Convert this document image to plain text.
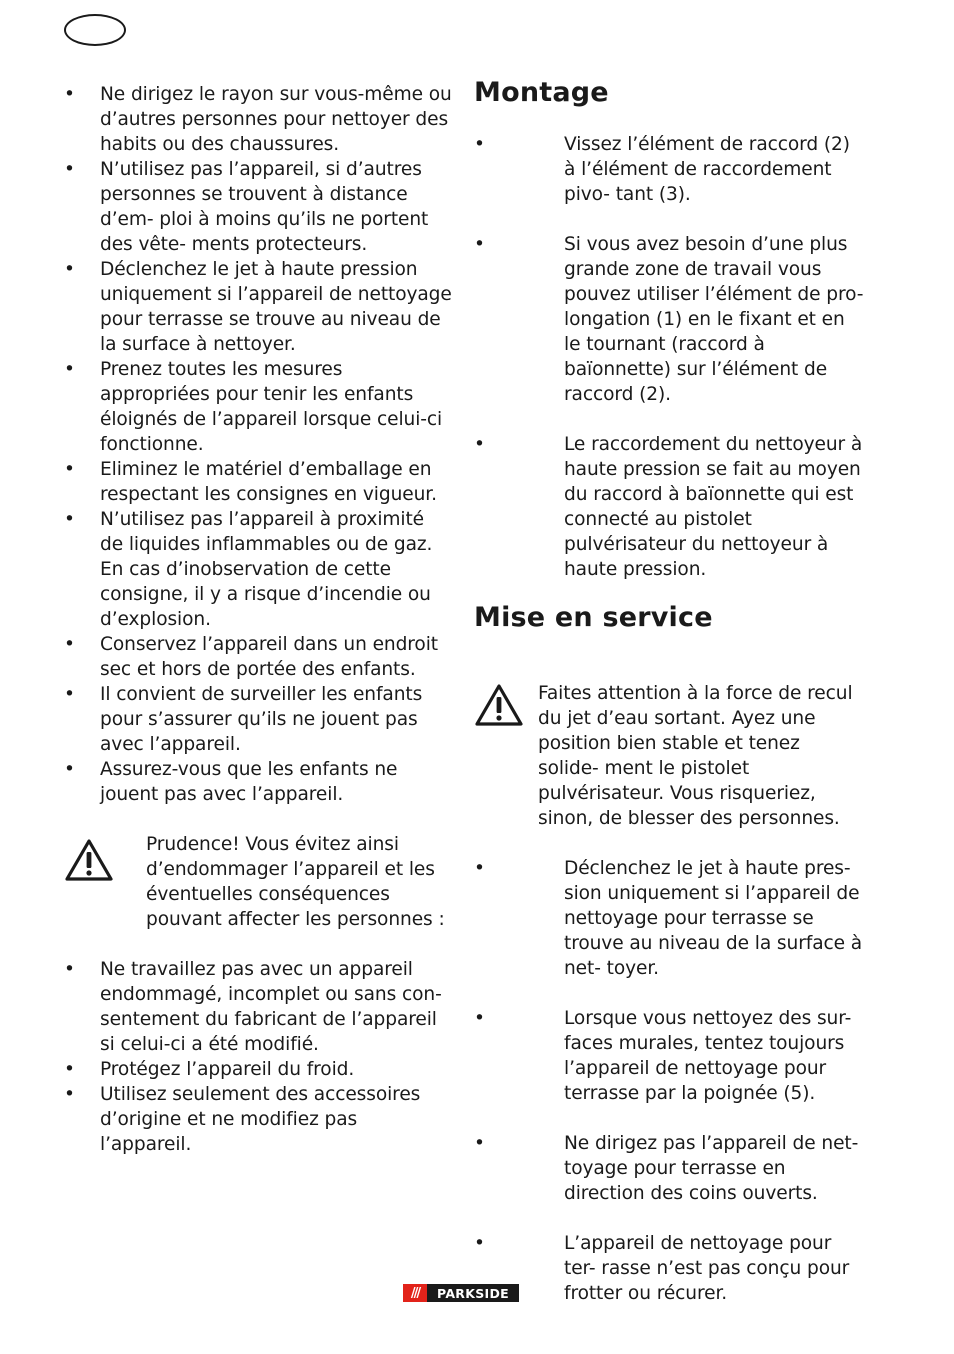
• Ne dirigez le rayon sur vous-même ou d’autres personnes pour nettoyer des habits ou des chaussures.
• N’utilisez pas l’appareil, si d’autres personnes se trouvent à distance d’em- ploi à moins qu’ils ne portent des vête- ments protecteurs.
• Déclenchez le jet à haute pression uniquement si l’appareil de nettoyage pour terrasse se trouve au niveau de la surface à nettoyer.
• Prenez toutes les mesures appropriées pour tenir les enfants éloignés de l’appareil lorsque celui-ci fonctionne.
• Eliminez le matériel d’emballage en respectant les consignes en vigueur.
• N’utilisez pas l’appareil à proximité de liquides inflammables ou de gaz. En cas d’inobservation de cette consigne, il y a risque d’incendie ou d’explosion.
• Conservez l’appareil dans un endroit sec et hors de portée des enfants.
• Il convient de surveiller les enfants pour s’assurer qu’ils ne jouent pas avec l’appareil.
• Assurez-vous que les enfants ne jouent pas avec l’appareil.

Prudence! Vous évitez ainsi d’endommager l’appareil et les éventuelles conséquences pouvant affecter les personnes :

• Ne travaillez pas avec un appareil endommagé, incomplet ou sans con- sentement du fabricant de l’appareil si celui-ci a été modifié.
• Protégez l’appareil du froid.
• Utilisez seulement des accessoires d’origine et ne modifiez pas l’appareil.
Montage
•	Vissez l’élément de raccord (2) à l’élément de raccordement pivo- tant (3).
•	Si vous avez besoin d’une plus grande zone de travail vous pouvez utiliser l’élément de pro- longation (1) en le fixant et en le tournant (raccord à baïonnette) sur l’élément de raccord (2).
•	Le raccordement du nettoyeur à haute pression se fait au moyen du raccord à baïonnette qui est connecté au pistolet pulvérisateur du nettoyeur à haute pression.
Mise en service

Faites attention à la force de recul du jet d’eau sortant. Ayez une position bien stable et tenez solide- ment le pistolet pulvérisateur. Vous risqueriez, sinon, de blesser des personnes.

•	Déclenchez le jet à haute pres- sion uniquement si l’appareil de nettoyage pour terrasse se trouve au niveau de la surface à net- toyer.
•	Lorsque vous nettoyez des sur- faces murales, tentez toujours l’appareil de nettoyage pour terrasse par la poignée (5).
•	Ne dirigez pas l’appareil de net- toyage pour terrasse en direction des coins ouverts.
•	L’appareil de nettoyage pour ter- rasse n’est pas conçu pour frotter ou récurer.
///	PARKSIDE
